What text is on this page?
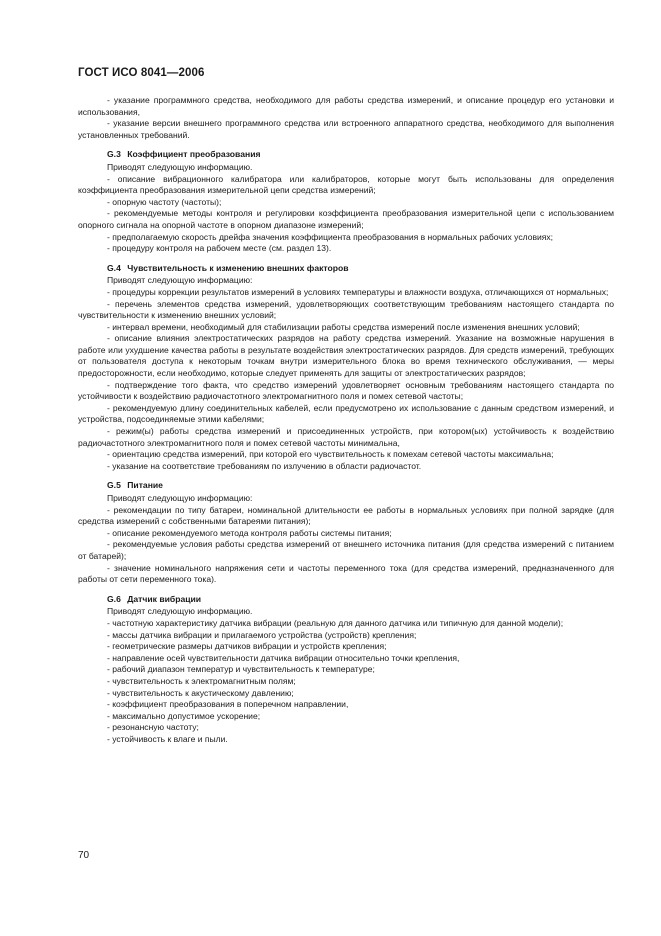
ГОСТ ИСО 8041—2006

- указание программного средства, необходимого для работы средства измерений, и описание процедур его установки и использования,

- указание версии внешнего программного средства или встроенного аппаратного средства, необходимого для выполнения установленных требований.

G.3 Коэффициент преобразования

Приводят следующую информацию.

- описание вибрационного калибратора или калибраторов, которые могут быть использованы для определения коэффициента преобразования измерительной цепи средства измерений;

- опорную частоту (частоты);

- рекомендуемые методы контроля и регулировки коэффициента преобразования измерительной цепи с использованием опорного сигнала на опорной частоте в опорном диапазоне измерений;

- предполагаемую скорость дрейфа значения коэффициента преобразования в нормальных рабочих условиях;

- процедуру контроля на рабочем месте (см. раздел 13).

G.4 Чувствительность к изменению внешних факторов

Приводят следующую информацию:

- процедуры коррекции результатов измерений в условиях температуры и влажности воздуха, отличающихся от нормальных;

- перечень элементов средства измерений, удовлетворяющих соответствующим требованиям настоящего стандарта по чувствительности к изменению внешних условий;

- интервал времени, необходимый для стабилизации работы средства измерений после изменения внешних условий;

- описание влияния электростатических разрядов на работу средства измерений. Указание на возможные нарушения в работе или ухудшение качества работы в результате воздействия электростатических разрядов. Для средств измерений, требующих от пользователя доступа к некоторым точкам внутри измерительного блока во время технического обслуживания, — меры предосторожности, если необходимо, которые следует применять для защиты от электростатических разрядов;

- подтверждение того факта, что средство измерений удовлетворяет основным требованиям настоящего стандарта по устойчивости к воздействию радиочастотного электромагнитного поля и помех сетевой частоты;

- рекомендуемую длину соединительных кабелей, если предусмотрено их использование с данным средством измерений, и устройства, подсоединяемые этими кабелями;

- режим(ы) работы средства измерений и присоединенных устройств, при котором(ых) устойчивость к воздействию радиочастотного электромагнитного поля и помех сетевой частоты минимальна,

- ориентацию средства измерений, при которой его чувствительность к помехам сетевой частоты максимальна;

- указание на соответствие требованиям по излучению в области радиочастот.

G.5 Питание

Приводят следующую информацию:

- рекомендации по типу батареи, номинальной длительности ее работы в нормальных условиях при полной зарядке (для средства измерений с собственными батареями питания);

- описание рекомендуемого метода контроля работы системы питания;

- рекомендуемые условия работы средства измерений от внешнего источника питания (для средства измерений с питанием от батарей);

- значение номинального напряжения сети и частоты переменного тока (для средства измерений, предназначенного для работы от сети переменного тока).

G.6 Датчик вибрации

Приводят следующую информацию.

- частотную характеристику датчика вибрации (реальную для данного датчика или типичную для данной модели);

- массы датчика вибрации и прилагаемого устройства (устройств) крепления;

- геометрические размеры датчиков вибрации и устройств крепления;

- направление осей чувствительности датчика вибрации относительно точки крепления,

- рабочий диапазон температур и чувствительность к температуре;

- чувствительность к электромагнитным полям;

- чувствительность к акустическому давлению;

- коэффициент преобразования в поперечном направлении,

- максимально допустимое ускорение;

- резонансную частоту;

- устойчивость к влаге и пыли.

70
